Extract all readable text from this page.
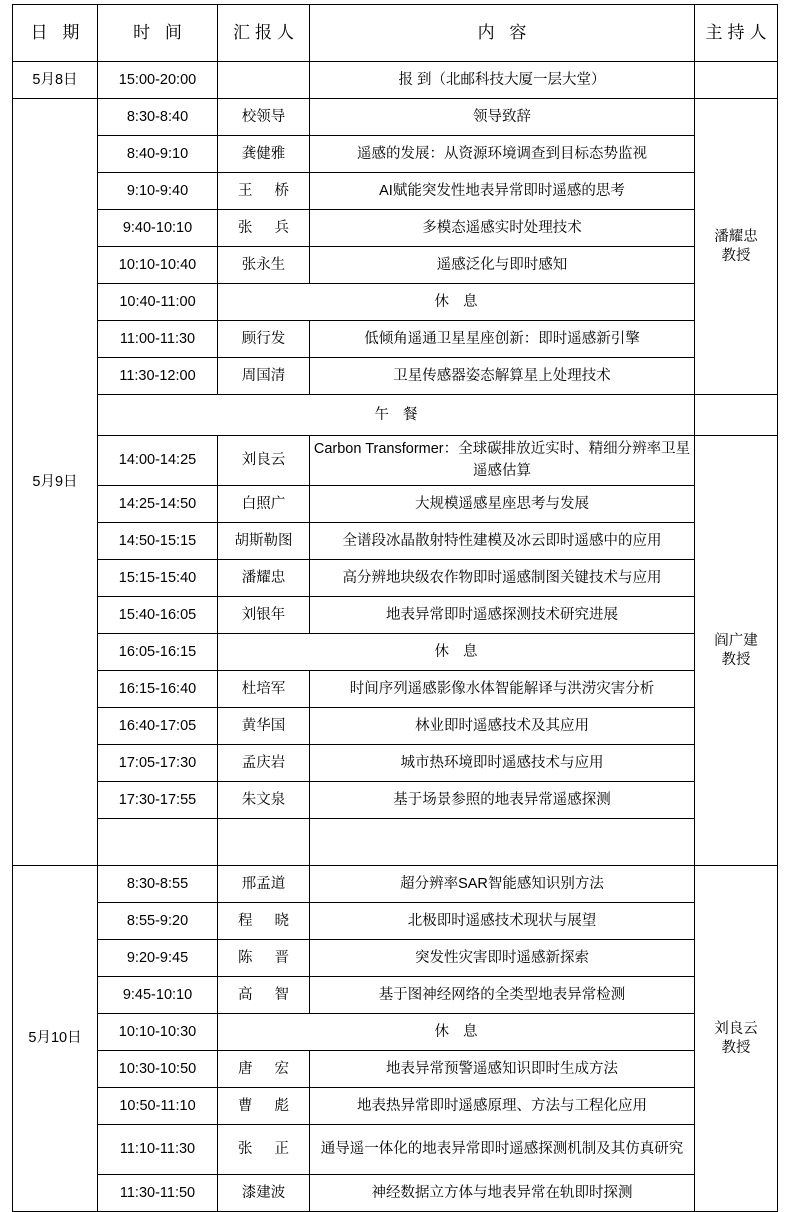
日 期	时 间	汇报人	内 容	主持人
5月8日	15:00-20:00		报 到（北邮科技大厦一层大堂）	
5月9日	8:30-8:40	校领导	领导致辞	潘耀忠
教授

	8:40-9:10	龚健雅	遥感的发展：从资源环境调查到目标态势监视	
	9:10-9:40	王 桥	AI赋能突发性地表异常即时遥感的思考	
	9:40-10:10	张 兵	多模态遥感实时处理技术	
	10:10-10:40	张永生	遥感泛化与即时感知	
	10:40-11:00	休 息		
	11:00-11:30	顾行发	低倾角遥通卫星星座创新：即时遥感新引擎	
	11:30-12:00	周国清	卫星传感器姿态解算星上处理技术	
	午 餐			
	14:00-14:25	刘良云	Carbon Transformer：全球碳排放近实时、精细分辨率卫星遥感估算	阎广建
教授

	14:25-14:50	白照广	大规模遥感星座思考与发展	
	14:50-15:15	胡斯勒图	全谱段冰晶散射特性建模及冰云即时遥感中的应用	
	15:15-15:40	潘耀忠	高分辨地块级农作物即时遥感制图关键技术与应用	
	15:40-16:05	刘银年	地表异常即时遥感探测技术研究进展	
	16:05-16:15	休 息		
	16:15-16:40	杜培军	时间序列遥感影像水体智能解译与洪涝灾害分析	
	16:40-17:05	黄华国	林业即时遥感技术及其应用	
	17:05-17:30	孟庆岩	城市热环境即时遥感技术与应用	
	17:30-17:55	朱文泉	基于场景参照的地表异常遥感探测	

5月10日	8:30-8:55	邢孟道	超分辨率SAR智能感知识别方法	刘良云
教授

	8:55-9:20	程 晓	北极即时遥感技术现状与展望	
	9:20-9:45	陈 晋	突发性灾害即时遥感新探索	
	9:45-10:10	高 智	基于图神经网络的全类型地表异常检测	
	10:10-10:30	休 息		
	10:30-10:50	唐 宏	地表异常预警遥感知识即时生成方法	
	10:50-11:10	曹 彪	地表热异常即时遥感原理、方法与工程化应用	
	11:10-11:30	张 正	通导遥一体化的地表异常即时遥感探测机制及其仿真研究	
	11:30-11:50	漆建波	神经数据立方体与地表异常在轨即时探测	
